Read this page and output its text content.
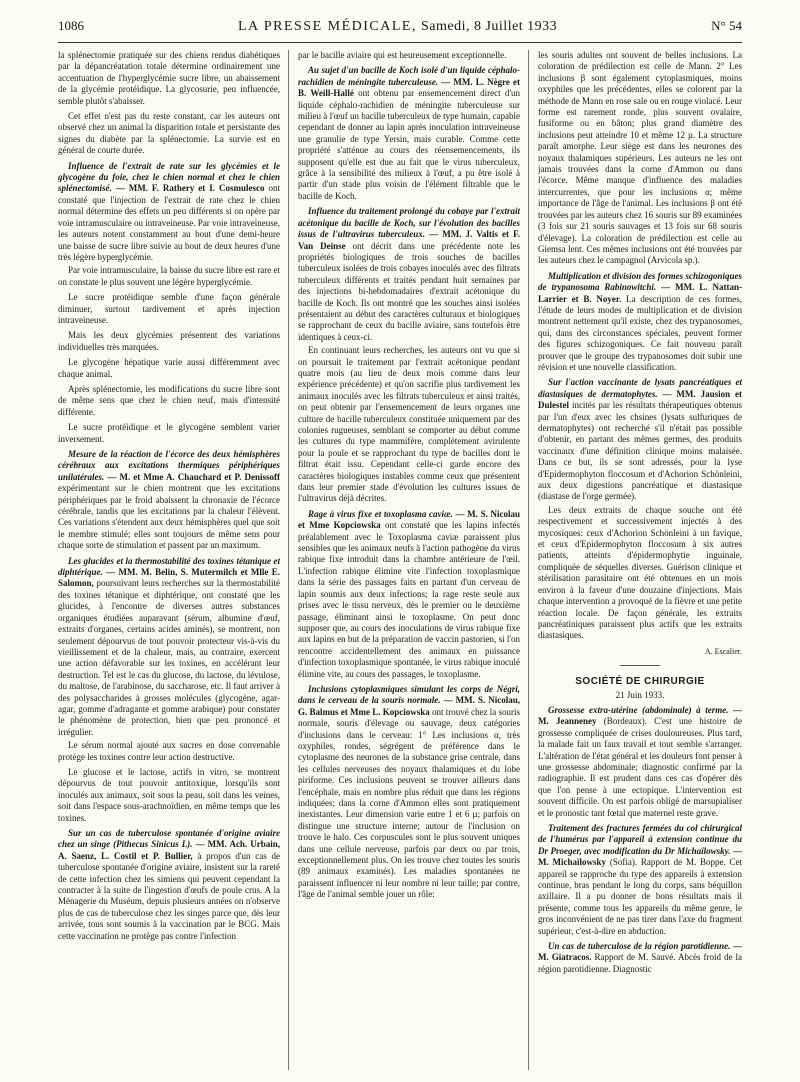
1086	LA PRESSE MÉDICALE, Samedi, 8 Juillet 1933	N° 54

la splénectomie pratiquée sur des chiens rendus diabétiques par la dépancréatation totale détermine ordinairement une accentuation de l'hyperglycémie sucre libre, un abaissement de la glycémie protéidique. La glycosurie, peu influencée, semble plutôt s'abaisser.

Cet effet n'est pas du reste constant, car les auteurs ont observé chez un animal la disparition totale et persistante des signes du diabète par la splénectomie. La survie est en général de courte durée.

Influence de l'extrait de rate sur les glycémies et le glycogène du foie, chez le chien normal et chez le chien splénectomisé. — MM. F. Rathery et I. Cosmulesco ont constaté que l'injection de l'extrait de rate chez le chien normal détermine des effets un peu différents si on opère par voie intramusculaire ou intraveineuse. Par voie intraveineuse, les auteurs notent constamment au bout d'une demi-heure une baisse de sucre libre suivie au bout de deux heures d'une très légère hyperglycémie.

Par voie intramusculaire, la baisse du sucre libre est rare et on constate le plus souvent une légère hyperglycémie.

Le sucre protéidique semble d'une façon générale diminuer, surtout tardivement et après injection intraveineuse.

Mais les deux glycémies présentent des variations individuelles très marquées.

Le glycogène hépatique varie aussi différemment avec chaque animal.

Après splénectomie, les modifications du sucre libre sont de même sens que chez le chien neuf, mais d'intensité différente.

Le sucre protéidique et le glycogène semblent varier inversement.

Mesure de la réaction de l'écorce des deux hémisphères cérébraux aux excitations thermiques périphériques unilatérales. — M. et Mme A. Chauchard et P. Denissoff expérimentant sur le chien montrent que les excitations périphériques par le froid abaissent la chronaxie de l'écorce cérébrale, tandis que les excitations par la chaleur l'élèvent. Ces variations s'étendent aux deux hémisphères quel que soit le membre stimulé; elles sont toujours de même sens pour chaque sorte de stimulation et passent par un maximum.
Les glucides et la thermostabilité des toxines tétanique et diphtérique. — MM. M. Belin, S. Mutermilch et Mlle E. Salomon, poursuivant leurs recherches sur la thermostabilité des toxines tétanique et diphtérique, ont constaté que les glucides, à l'encontre de diverses autres substances organiques étudiées auparavant (sérum, albumine d'œuf, extraits d'organes, certains acides aminés), se montrent, non seulement dépourvus de tout pouvoir protecteur vis-à-vis du vieillissement et de la chaleur, mais, au contraire, exercent une action défavorable sur les toxines, en accélérant leur destruction. Tel est le cas du glucose, du lactose, du lévulose, du maltose, de l'arabinose, du saccharose, etc. Il faut arriver à des polysaccharides à grosses molécules (glycogène, agar-agar, gomme d'adragante et gomme arabique) pour constater le phénomène de protection, bien que peu prononcé et irrégulier.

Le sérum normal ajouté aux sucres en dose convenable protège les toxines contre leur action destructive.

Le glucose et le lactose, actifs in vitro, se montrent dépourvus de tout pouvoir antitoxique, lorsqu'ils sont inoculés aux animaux, soit sous la peau, soit dans les veines, soit dans l'espace sous-arachnoïdien, en même temps que les toxines.

Sur un cas de tuberculose spontanée d'origine aviaire chez un singe (Pithecus Sinicus L). — MM. Ach. Urbain, A. Saenz, L. Costil et P. Bullier, à propos d'un cas de tuberculose spontanée d'origine aviaire, insistent sur la rareté de cette infection chez les simiens qui peuvent cependant la contracter à la suite de l'ingestion d'œufs de poule crus. A la Ménagerie du Muséum, depuis plusieurs années on n'observe plus de cas de tuberculose chez les singes parce que, dès leur arrivée, tous sont soumis à la vaccination par le BCG. Mais cette vaccination ne protège pas contre l'infection

par le bacille aviaire qui est heureusement exceptionnelle.

Au sujet d'un bacille de Koch isolé d'un liquide céphalo-rachidien de méningite tuberculeuse. — MM. L. Nègre et B. Weill-Hallé ont obtenu par ensemencement direct d'un liquide céphalo-rachidien de méningite tuberculeuse sur milieu à l'œuf un bacille tuberculeux de type humain, capable cependant de donner au lapin après inoculation intraveineuse une granulie de type Yersin, mais curable. Comme cette propriété s'atténue au cours des réensemencements, ils supposent qu'elle est due au fait que le virus tuberculeux, grâce à la sensibilité des milieux à l'œuf, a pu être isolé à partir d'un stade plus voisin de l'élément filtrable que le bacille de Koch.
Influence du traitement prolongé du cobaye par l'extrait acétonique du bacille de Koch, sur l'évolution des bacilles issus de l'ultravirus tuberculeux. — MM. J. Valtis et F. Van Deinse ont décrit dans une précédente note les propriétés biologiques de trois souches de bacilles tuberculeux isolées de trois cobayes inoculés avec des filtrats tuberculeux différents et traités pendant huit semaines par des injections bi-hebdomadaires d'extrait acétonique du bacille de Koch. Ils ont montré que les souches ainsi isolées présentaient au début des caractères culturaux et biologiques se rapprochant de ceux du bacille aviaire, sans toutefois être identiques à ceux-ci.

En continuant leurs recherches, les auteurs ont vu que si on poursuit le traitement par l'extrait acétonique pendant quatre mois (au lieu de deux mois comme dans leur expérience précédente) et qu'on sacrifie plus tardivement les animaux inoculés avec les filtrats tuberculeux et ainsi traités, on peut obtenir par l'ensemencement de leurs organes une culture de bacille tuberculeux constituée uniquement par des colonies rugueuses, semblant se comporter au début comme les cultures du type mammifère, complètement avirulente pour la poule et se rapprochant du type de bacilles dont le filtrat était issu. Cependant celle-ci garde encore des caractères biologiques instables comme ceux que présentent dans leur premier stade d'évolution les cultures issues de l'ultravirus déjà décrites.

Rage à virus fixe et toxoplasma caviæ. — M. S. Nicolau et Mme Kopciowska ont constaté que les lapins infectés préalablement avec le Toxoplasma caviæ paraissent plus sensibles que les animaux neufs à l'action pathogène du virus rabique fixe introduit dans la chambre antérieure de l'œil. L'infection rabique élimine vite l'infection toxoplasmique dans la série des passages faits en partant d'un cerveau de lapin soumis aux deux infections; la rage reste seule aux prises avec le tissu nerveux, dès le premier ou le deuxième passage, éliminant ainsi le toxoplasme. On peut donc supposer que, au cours des inoculations de virus rabique fixe aux lapins en but de la préparation de vaccin pastorien, si l'on rencontre accidentellement des animaux en puissance d'infection toxoplasmique spontanée, le virus rabique inoculé élimine vite, au cours des passages, le toxoplasme.
Inclusions cytoplasmiques simulant les corps de Négri, dans le cerveau de la souris normale. — MM. S. Nicolau, G. Balmus et Mme L. Kopciowska ont trouvé chez la souris normale, souris d'élevage ou sauvage, deux catégories d'inclusions dans le cerveau: 1° Les inclusions α, très oxyphiles, rondes, ségrégent de préférence dans le cytoplasme des neurones de la substance grise centrale, dans les cellules nerveuses des noyaux thalamiques et du lobe piriforme. Ces inclusions peuvent se trouver ailleurs dans l'encéphale, mais en nombre plus réduit que dans les régions indiquées; dans la corne d'Ammon elles sont pratiquement inexistantes. Leur dimension varie entre 1 et 6 µ; parfois on distingue une structure interne; autour de l'inclusion on trouve le halo. Ces corpuscules sont le plus souvent uniques dans une cellule nerveuse, parfois par deux ou par trois, exceptionnellement plus. On les trouve chez toutes les souris (89 animaux examinés). Les maladies spontanées ne paraissent influencer ni leur nombre ni leur taille; par contre, l'âge de l'animal semble jouer un rôle:

les souris adultes ont souvent de belles inclusions. La coloration de prédilection est celle de Mann. 2° Les inclusions β sont également cytoplasmiques, moins oxyphiles que les précédentes, elles se colorent par la méthode de Mann en rose sale ou en rouge violacé. Leur forme est rarement ronde, plus souvent ovalaire, fusiforme ou en bâton; plus grand diamètre des inclusions peut atteindre 10 et même 12 µ. La structure paraît amorphe. Leur siège est dans les neurones des noyaux thalamiques supérieurs. Les auteurs ne les ont jamais trouvées dans la corne d'Ammon ou dans l'écorce. Même manque d'influence des maladies intercurrentes, que pour les inclusions α; même importance de l'âge de l'animal. Les inclusions β ont été trouvées par les auteurs chez 16 souris sur 89 examinées (3 fois sur 21 souris sauvages et 13 fois sur 68 souris d'élevage). La coloration de prédilection est celle au Giemsa lent. Ces mêmes inclusions ont été trouvées par les auteurs chez le campagnol (Arvicola sp.).

Multiplication et division des formes schizogoniques de trypanosoma Rabinowitchi. — MM. L. Nattan-Larrier et B. Noyer. La description de ces formes, l'étude de leurs modes de multiplication et de division montrent nettement qu'il existe, chez des trypanosomes, qui, dans des circonstances spéciales, peuvent former des figures schizogoniques. Ce fait nouveau paraît prouver que le groupe des trypanosomes doit subir une révision et une nouvelle classification.
Sur l'action vaccinante de lysats pancréatiques et diastasiques de dermatophytes. — MM. Jausion et Dulestel incités par les résultats thérapeutiques obtenus par l'un d'eux avec les chsines (lysats sulfuriques de dermatophytes) ont recherché s'il n'était pas possible d'obtenir, en partant des mêmes germes, des produits vaccinaux d'une définition clinique moins malaisée. Dans ce but, ils se sont adressés, pour la lyse d'Epidermophyton floccosum et d'Achorion Schönleini, aux deux digestions pancréatique et diastasique (diastase de l'orge germée).

Les deux extraits de chaque souche ont été respectivement et successivement injectés à des mycosiques: ceux d'Achorion Schönleini à un favique, et ceux d'Epidermophyton floccosum à six autres patients, atteints d'épidermophytie inguinale, compliquée de séquelles diverses. Guérison clinique et stérilisation parasitaire ont été obtenues en un mois environ à la faveur d'une douzaine d'injections. Mais chaque intervention a provoqué de la fièvre et une petite réaction locale. De façon générale, les extraits pancréatiniques paraissent plus actifs que les extraits diastasiques.

A. Escalier.
SOCIÉTÉ DE CHIRURGIE
21 Juin 1933.
Grossesse extra-utérine (abdominale) à terme. — M. Jeanneney (Bordeaux). C'est une histoire de grossesse compliquée de crises douloureuses. Plus tard, la malade fait un faux travail et tout semble s'arranger. L'altération de l'état général et les douleurs font penser à une grossesse abdominale; diagnostic confirmé par la radiographie. Il est prudent dans ces cas d'opérer dès que l'on pense à une ectopique. L'intervention est souvent difficile. On est parfois obligé de marsupialiser et le pronostic tant fœtal que maternel reste grave.
Traitement des fractures fermées du col chirurgical de l'humérus par l'appareil à extension continue du Dr Proeger, avec modification du Dr Michaïlowsky. — M. Michaïlowsky (Sofia). Rapport de M. Boppe. Cet appareil se rapproche du type des appareils à extension continue, bras pendant le long du corps, sans béquillon axillaire. Il a pu donner de bons résultats mais il présente, comme tous les appareils du même genre, le gros inconvénient de ne pas tirer dans l'axe du fragment supérieur, c'est-à-dire en abduction.
Un cas de tuberculose de la région parotidienne. — M. Giatracos. Rapport de M. Sauvé. Abcès froid de la région parotidienne. Diagnostic
